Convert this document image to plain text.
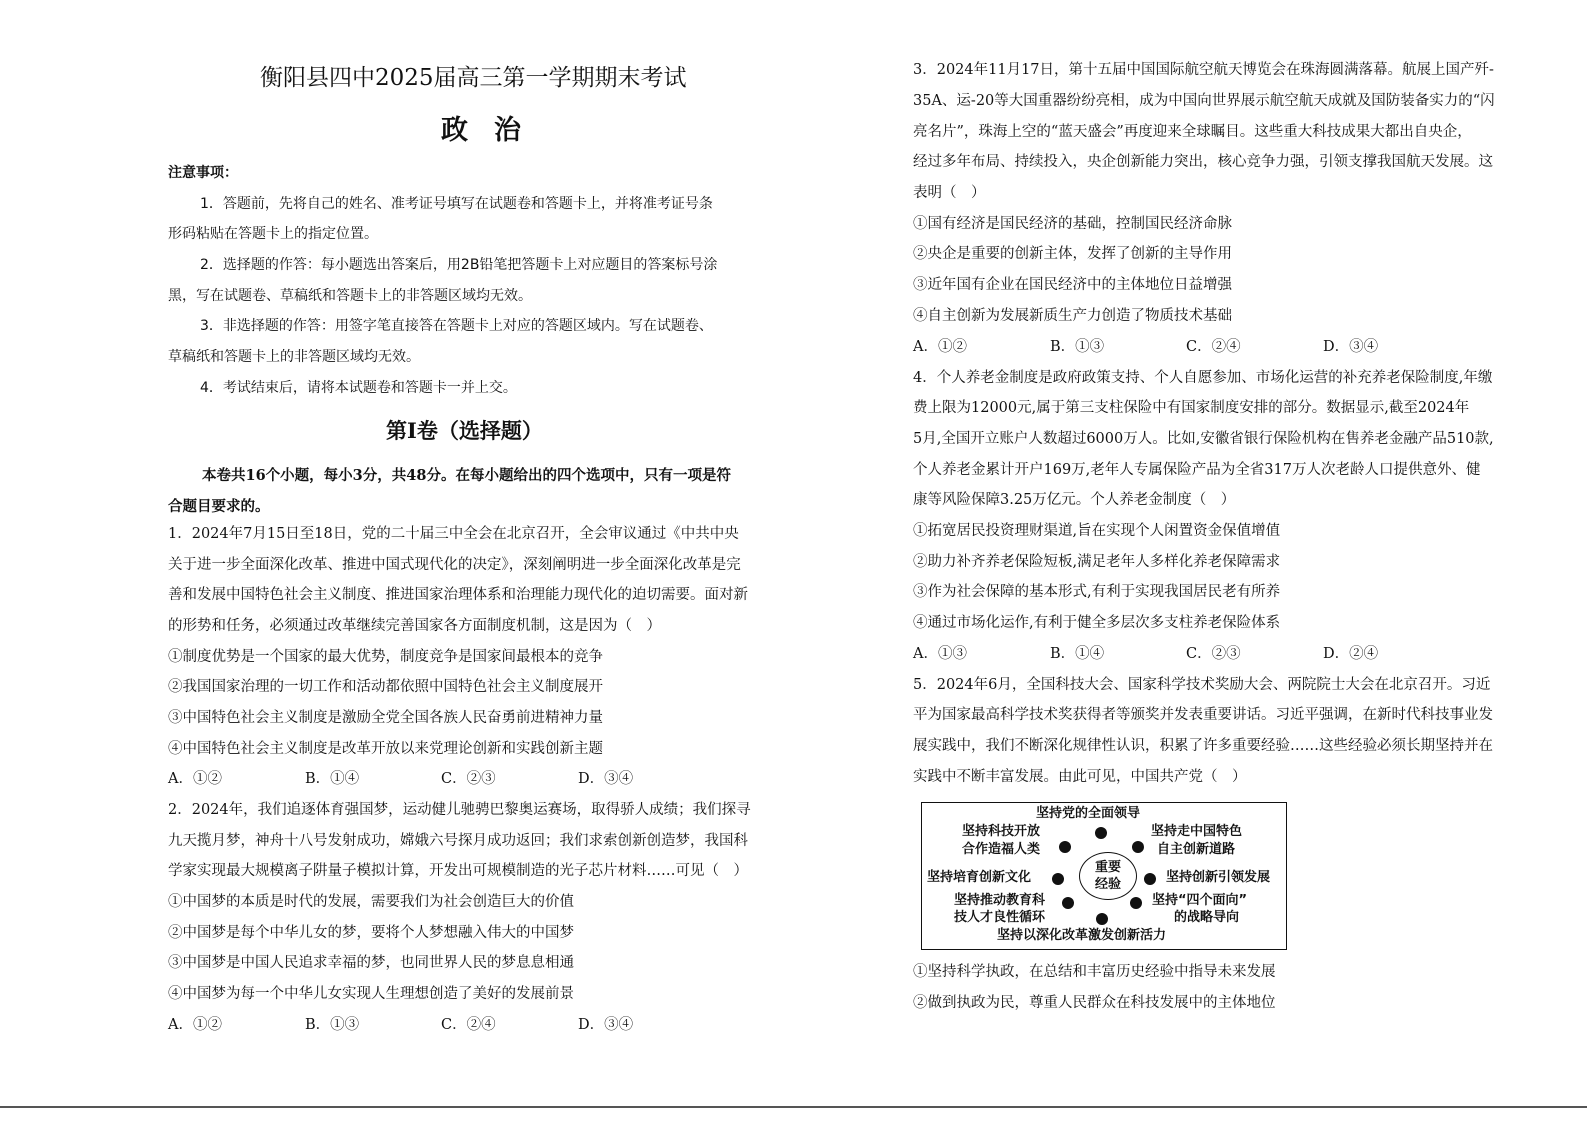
衡阳县四中2025届高三第一学期期末考试
政治
注意事项：
1．答题前，先将自己的姓名、准考证号填写在试题卷和答题卡上，并将准考证号条
形码粘贴在答题卡上的指定位置。
2．选择题的作答：每小题选出答案后，用2B铅笔把答题卡上对应题目的答案标号涂
黑，写在试题卷、草稿纸和答题卡上的非答题区域均无效。
3．非选择题的作答：用签字笔直接答在答题卡上对应的答题区域内。写在试题卷、
草稿纸和答题卡上的非答题区域均无效。
4．考试结束后，请将本试题卷和答题卡一并上交。
第Ⅰ卷（选择题）
本卷共16个小题，每小3分，共48分。在每小题给出的四个选项中，只有一项是符
合题目要求的。
1．2024年7月15日至18日，党的二十届三中全会在北京召开，全会审议通过《中共中央
关于进一步全面深化改革、推进中国式现代化的决定》，深刻阐明进一步全面深化改革是完
善和发展中国特色社会主义制度、推进国家治理体系和治理能力现代化的迫切需要。面对新
的形势和任务，必须通过改革继续完善国家各方面制度机制，这是因为（　）
①制度优势是一个国家的最大优势，制度竞争是国家间最根本的竞争
②我国国家治理的一切工作和活动都依照中国特色社会主义制度展开
③中国特色社会主义制度是激励全党全国各族人民奋勇前进精神力量
④中国特色社会主义制度是改革开放以来党理论创新和实践创新主题
A．①②	B．①④	C．②③	D．③④
2．2024年，我们追逐体育强国梦，运动健儿驰骋巴黎奥运赛场，取得骄人成绩；我们探寻
九天揽月梦，神舟十八号发射成功，嫦娥六号探月成功返回；我们求索创新创造梦，我国科
学家实现最大规模离子阱量子模拟计算，开发出可规模制造的光子芯片材料……可见（　）
①中国梦的本质是时代的发展，需要我们为社会创造巨大的价值
②中国梦是每个中华儿女的梦，要将个人梦想融入伟大的中国梦
③中国梦是中国人民追求幸福的梦，也同世界人民的梦息息相通
④中国梦为每一个中华儿女实现人生理想创造了美好的发展前景
A．①②	B．①③	C．②④	D．③④
3．2024年11月17日，第十五届中国国际航空航天博览会在珠海圆满落幕。航展上国产歼-
35A、运-20等大国重器纷纷亮相，成为中国向世界展示航空航天成就及国防装备实力的“闪
亮名片”，珠海上空的“蓝天盛会”再度迎来全球瞩目。这些重大科技成果大都出自央企，
经过多年布局、持续投入，央企创新能力突出，核心竞争力强，引领支撑我国航天发展。这
表明（　）
①国有经济是国民经济的基础，控制国民经济命脉
②央企是重要的创新主体，发挥了创新的主导作用
③近年国有企业在国民经济中的主体地位日益增强
④自主创新为发展新质生产力创造了物质技术基础
A．①②	B．①③	C．②④	D．③④
4．个人养老金制度是政府政策支持、个人自愿参加、市场化运营的补充养老保险制度,年缴
费上限为12000元,属于第三支柱保险中有国家制度安排的部分。数据显示,截至2024年
5月,全国开立账户人数超过6000万人。比如,安徽省银行保险机构在售养老金融产品510款,
个人养老金累计开户169万,老年人专属保险产品为全省317万人次老龄人口提供意外、健
康等风险保障3.25万亿元。个人养老金制度（　）
①拓宽居民投资理财渠道,旨在实现个人闲置资金保值增值
②助力补齐养老保险短板,满足老年人多样化养老保障需求
③作为社会保障的基本形式,有利于实现我国居民老有所养
④通过市场化运作,有利于健全多层次多支柱养老保险体系
A．①③	B．①④	C．②③	D．②④
5．2024年6月，全国科技大会、国家科学技术奖励大会、两院院士大会在北京召开。习近
平为国家最高科学技术奖获得者等颁奖并发表重要讲话。习近平强调，在新时代科技事业发
展实践中，我们不断深化规律性认识，积累了许多重要经验……这些经验必须长期坚持并在
实践中不断丰富发展。由此可见，中国共产党（　）
坚持党的全面领导
坚持科技开放
合作造福人类
坚持走中国特色
自主创新道路
重要
经验
坚持培育创新文化	坚持创新引领发展
坚持推动教育科
技人才良性循环
坚持“四个面向”
的战略导向
坚持以深化改革激发创新活力
①坚持科学执政，在总结和丰富历史经验中指导未来发展
②做到执政为民，尊重人民群众在科技发展中的主体地位
